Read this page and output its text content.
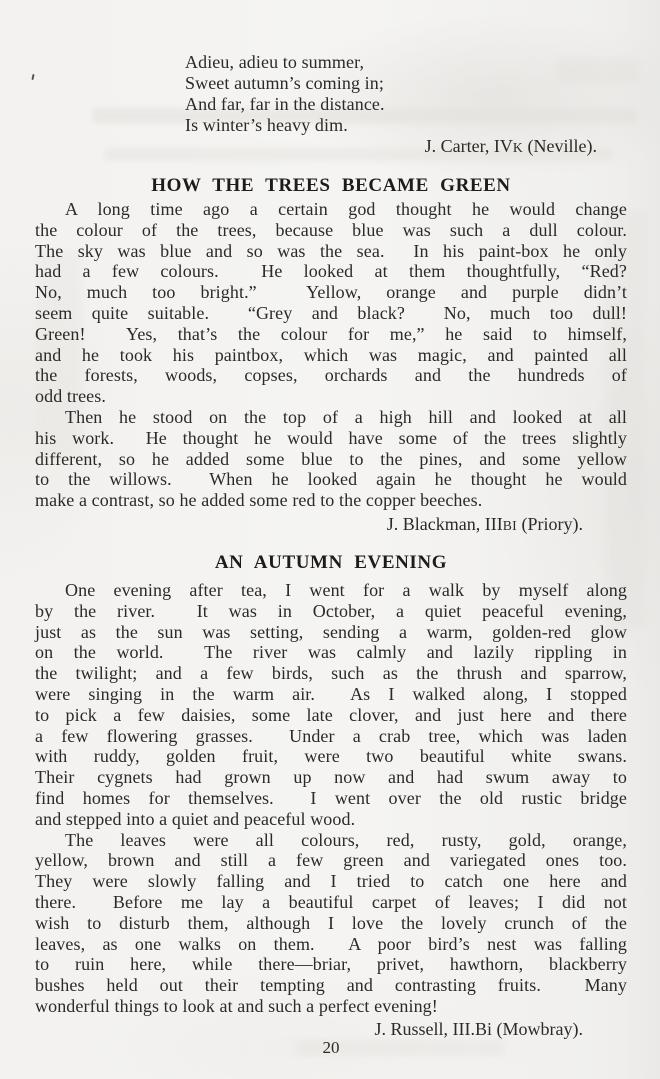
Adieu, adieu to summer,
Sweet autumn’s coming in;
And far, far in the distance.
Is winter’s heavy dim.
J. Carter, IVK (Neville).
HOW THE TREES BECAME GREEN
A long time ago a certain god thought he would change
the colour of the trees, because blue was such a dull colour.
The sky was blue and so was the sea.  In his paint-box he only
had a few colours.  He looked at them thoughtfully, “Red?
No, much too bright.”  Yellow, orange and purple didn’t
seem quite suitable.  “Grey and black?  No, much too dull!
Green!  Yes, that’s the colour for me,” he said to himself,
and he took his paintbox, which was magic, and painted all
the forests, woods, copses, orchards and the hundreds of
odd trees.
Then he stood on the top of a high hill and looked at all
his work.  He thought he would have some of the trees slightly
different, so he added some blue to the pines, and some yellow
to the willows.  When he looked again he thought he would
make a contrast, so he added some red to the copper beeches.
J. Blackman, IIIBI (Priory).
AN AUTUMN EVENING
One evening after tea, I went for a walk by myself along
by the river.  It was in October, a quiet peaceful evening,
just as the sun was setting, sending a warm, golden-red glow
on the world.  The river was calmly and lazily rippling in
the twilight; and a few birds, such as the thrush and sparrow,
were singing in the warm air.  As I walked along, I stopped
to pick a few daisies, some late clover, and just here and there
a few flowering grasses.  Under a crab tree, which was laden
with ruddy, golden fruit, were two beautiful white swans.
Their cygnets had grown up now and had swum away to
find homes for themselves.  I went over the old rustic bridge
and stepped into a quiet and peaceful wood.
The leaves were all colours, red, rusty, gold, orange,
yellow, brown and still a few green and variegated ones too.
They were slowly falling and I tried to catch one here and
there.  Before me lay a beautiful carpet of leaves; I did not
wish to disturb them, although I love the lovely crunch of the
leaves, as one walks on them.  A poor bird’s nest was falling
to ruin here, while there—briar, privet, hawthorn, blackberry
bushes held out their tempting and contrasting fruits.  Many
wonderful things to look at and such a perfect evening!
J. Russell, III.Bi (Mowbray).
20
